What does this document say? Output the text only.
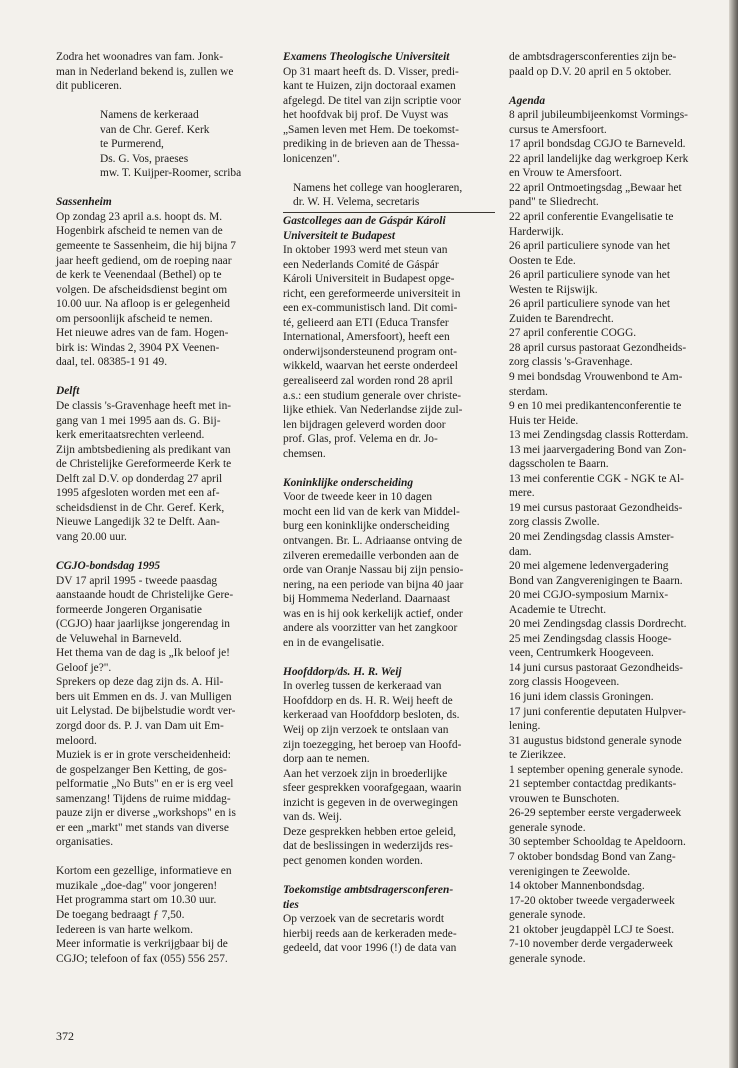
Zodra het woonadres van fam. Jonk-
man in Nederland bekend is, zullen we
dit publiceren.
Namens de kerkeraad
van de Chr. Geref. Kerk
te Purmerend,
Ds. G. Vos, praeses
mw. T. Kuijper-Roomer, scriba

Sassenheim

Op zondag 23 april a.s. hoopt ds. M.
Hogenbirk afscheid te nemen van de
gemeente te Sassenheim, die hij bijna 7
jaar heeft gediend, om de roeping naar
de kerk te Veenendaal (Bethel) op te
volgen. De afscheidsdienst begint om
10.00 uur. Na afloop is er gelegenheid
om persoonlijk afscheid te nemen.
Het nieuwe adres van de fam. Hogen-
birk is: Windas 2, 3904 PX Veenen-
daal, tel. 08385-1 91 49.

Delft

De classis 's-Gravenhage heeft met in-
gang van 1 mei 1995 aan ds. G. Bij-
kerk emeritaatsrechten verleend.
Zijn ambtsbediening als predikant van
de Christelijke Gereformeerde Kerk te
Delft zal D.V. op donderdag 27 april
1995 afgesloten worden met een af-
scheidsdienst in de Chr. Geref. Kerk,
Nieuwe Langedijk 32 te Delft. Aan-
vang 20.00 uur.

CGJO-bondsdag 1995

DV 17 april 1995 - tweede paasdag
aanstaande houdt de Christelijke Gere-
formeerde Jongeren Organisatie
(CGJO) haar jaarlijkse jongerendag in
de Veluwehal in Barneveld.
Het thema van de dag is „Ik beloof je!
Geloof je?".
Sprekers op deze dag zijn ds. A. Hil-
bers uit Emmen en ds. J. van Mulligen
uit Lelystad. De bijbelstudie wordt ver-
zorgd door ds. P. J. van Dam uit Em-
meloord.
Muziek is er in grote verscheidenheid:
de gospelzanger Ben Ketting, de gos-
pelformatie „No Buts" en er is erg veel
samenzang! Tijdens de ruime middag-
pauze zijn er diverse „workshops" en is
er een „markt" met stands van diverse
organisaties.
Kortom een gezellige, informatieve en
muzikale „doe-dag" voor jongeren!
Het programma start om 10.30 uur.
De toegang bedraagt ƒ 7,50.
Iedereen is van harte welkom.
Meer informatie is verkrijgbaar bij de
CGJO; telefoon of fax (055) 556 257.

Examens Theologische Universiteit

Op 31 maart heeft ds. D. Visser, predi-
kant te Huizen, zijn doctoraal examen
afgelegd. De titel van zijn scriptie voor
het hoofdvak bij prof. De Vuyst was
„Samen leven met Hem. De toekomst-
prediking in de brieven aan de Thessa-
lonicenzen".
Namens het college van hoogleraren,
dr. W. H. Velema, secretaris
Gastcolleges aan de Gáspár Károli
Universiteit te Budapest
In oktober 1993 werd met steun van
een Nederlands Comité de Gáspár
Károli Universiteit in Budapest opge-
richt, een gereformeerde universiteit in
een ex-communistisch land. Dit comi-
té, gelieerd aan ETI (Educa Transfer
International, Amersfoort), heeft een
onderwijsondersteunend program ont-
wikkeld, waarvan het eerste onderdeel
gerealiseerd zal worden rond 28 april
a.s.: een studium generale over christe-
lijke ethiek. Van Nederlandse zijde zul-
len bijdragen geleverd worden door
prof. Glas, prof. Velema en dr. Jo-
chemsen.

Koninklijke onderscheiding

Voor de tweede keer in 10 dagen
mocht een lid van de kerk van Middel-
burg een koninklijke onderscheiding
ontvangen. Br. L. Adriaanse ontving de
zilveren eremedaille verbonden aan de
orde van Oranje Nassau bij zijn pensio-
nering, na een periode van bijna 40 jaar
bij Hommema Nederland. Daarnaast
was en is hij ook kerkelijk actief, onder
andere als voorzitter van het zangkoor
en in de evangelisatie.

Hoofddorp/ds. H. R. Weij

In overleg tussen de kerkeraad van
Hoofddorp en ds. H. R. Weij heeft de
kerkeraad van Hoofddorp besloten, ds.
Weij op zijn verzoek te ontslaan van
zijn toezegging, het beroep van Hoofd-
dorp aan te nemen.
Aan het verzoek zijn in broederlijke
sfeer gesprekken voorafgegaan, waarin
inzicht is gegeven in de overwegingen
van ds. Weij.
Deze gesprekken hebben ertoe geleid,
dat de beslissingen in wederzijds res-
pect genomen konden worden.
Toekomstige ambtsdragersconferen-
ties
Op verzoek van de secretaris wordt
hierbij reeds aan de kerkeraden mede-
gedeeld, dat voor 1996 (!) de data van
de ambtsdragersconferenties zijn be-
paald op D.V. 20 april en 5 oktober.

Agenda

8 april jubileumbijeenkomst Vormings-
cursus te Amersfoort.
17 april bondsdag CGJO te Barneveld.
22 april landelijke dag werkgroep Kerk
en Vrouw te Amersfoort.
22 april Ontmoetingsdag „Bewaar het
pand" te Sliedrecht.
22 april conferentie Evangelisatie te
Harderwijk.
26 april particuliere synode van het
Oosten te Ede.
26 april particuliere synode van het
Westen te Rijswijk.
26 april particuliere synode van het
Zuiden te Barendrecht.
27 april conferentie COGG.
28 april cursus pastoraat Gezondheids-
zorg classis 's-Gravenhage.
9 mei bondsdag Vrouwenbond te Am-
sterdam.
9 en 10 mei predikantenconferentie te
Huis ter Heide.
13 mei Zendingsdag classis Rotterdam.
13 mei jaarvergadering Bond van Zon-
dagsscholen te Baarn.
13 mei conferentie CGK - NGK te Al-
mere.
19 mei cursus pastoraat Gezondheids-
zorg classis Zwolle.
20 mei Zendingsdag classis Amster-
dam.
20 mei algemene ledenvergadering
Bond van Zangverenigingen te Baarn.
20 mei CGJO-symposium Marnix-
Academie te Utrecht.
20 mei Zendingsdag classis Dordrecht.
25 mei Zendingsdag classis Hooge-
veen, Centrumkerk Hoogeveen.
14 juni cursus pastoraat Gezondheids-
zorg classis Hoogeveen.
16 juni idem classis Groningen.
17 juni conferentie deputaten Hulpver-
lening.
31 augustus bidstond generale synode
te Zierikzee.
1 september opening generale synode.
21 september contactdag predikants-
vrouwen te Bunschoten.
26-29 september eerste vergaderweek
generale synode.
30 september Schooldag te Apeldoorn.
7 oktober bondsdag Bond van Zang-
verenigingen te Zeewolde.
14 oktober Mannenbondsdag.
17-20 oktober tweede vergaderweek
generale synode.
21 oktober jeugdappèl LCJ te Soest.
7-10 november derde vergaderweek
generale synode.
372
